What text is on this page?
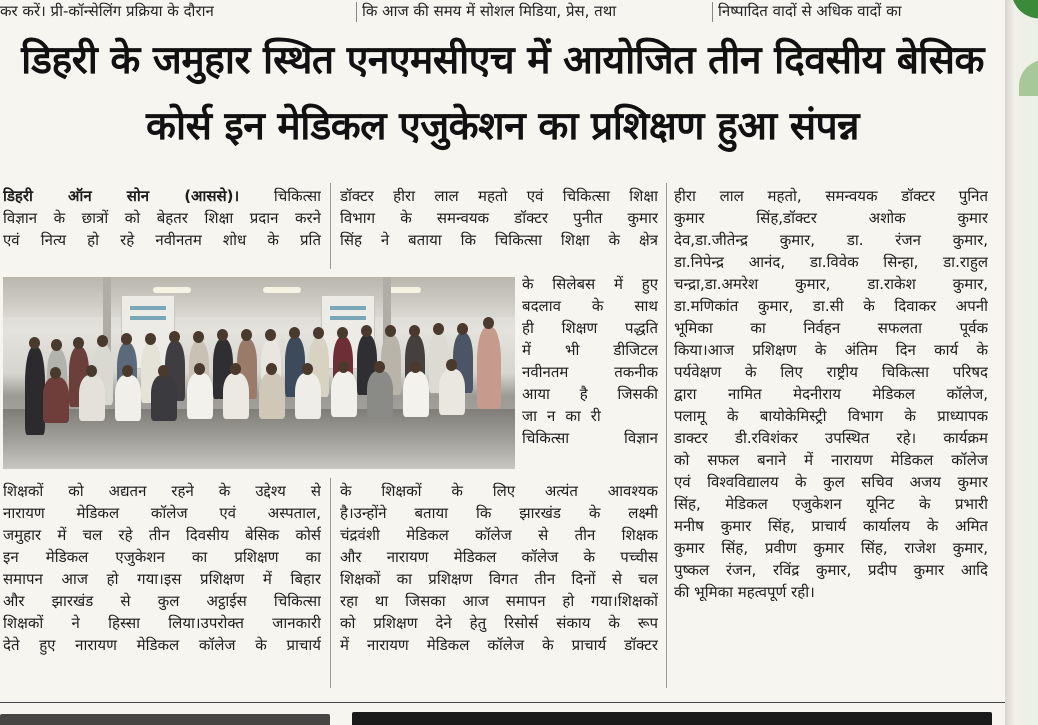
कर करें। प्री-कॉन्सेलिंग प्रक्रिया के दौरान	कि आज की समय में सोशल मिडिया, प्रेस, तथा	निष्पादित वादों से अधिक वादों का
डिहरी के जमुहार स्थित एनएमसीएच में आयोजित तीन दिवसीय बेसिक
कोर्स इन मेडिकल एजुकेशन का प्रशिक्षण हुआ संपन्न
डिहरी ऑन सोन (आससे)। चिकित्सा
विज्ञान के छात्रों को बेहतर शिक्षा प्रदान करने
एवं नित्य हो रहे नवीनतम शोध के प्रति
शिक्षकों को अद्यतन रहने के उद्देश्य से
नारायण मेडिकल कॉलेज एवं अस्पताल,
जमुहार में चल रहे तीन दिवसीय बेसिक कोर्स
इन मेडिकल एजुकेशन का प्रशिक्षण का
समापन आज हो गया।इस प्रशिक्षण में बिहार
और झारखंड से कुल अट्ठाईस चिकित्सा
शिक्षकों ने हिस्सा लिया।उपरोक्त जानकारी
देते हुए नारायण मेडिकल कॉलेज के प्राचार्य
डॉक्टर हीरा लाल महतो एवं चिकित्सा शिक्षा
विभाग के समन्वयक डॉक्टर पुनीत कुमार
सिंह ने बताया कि चिकित्सा शिक्षा के क्षेत्र
के सिलेबस में हुए
बदलाव के साथ
ही शिक्षण पद्धति
में भी डीजिटल
नवीनतम तकनीक
आया है जिसकी
जानकारी
चिकित्सा विज्ञान
के शिक्षकों के लिए अत्यंत आवश्यक
है।उन्होंने बताया कि झारखंड के लक्ष्मी
चंद्रवंशी मेडिकल कॉलेज से तीन शिक्षक
और नारायण मेडिकल कॉलेज के पच्चीस
शिक्षकों का प्रशिक्षण विगत तीन दिनों से चल
रहा था जिसका आज समापन हो गया।शिक्षकों
को प्रशिक्षण देने हेतु रिसोर्स संकाय के रूप
में नारायण मेडिकल कॉलेज के प्राचार्य डॉक्टर
हीरा लाल महतो, समन्वयक डॉक्टर पुनित
कुमार सिंह,डॉक्टर अशोक कुमार
देव,डा.जीतेन्द्र कुमार, डा. रंजन कुमार,
डा.निपेन्द्र आनंद, डा.विवेक सिन्हा, डा.राहुल
चन्द्रा,डा.अमरेश कुमार, डा.राकेश कुमार,
डा.मणिकांत कुमार, डा.सी के दिवाकर अपनी
भूमिका का निर्वहन सफलता पूर्वक
किया।आज प्रशिक्षण के अंतिम दिन कार्य के
पर्यवेक्षण के लिए राष्ट्रीय चिकित्सा परिषद
द्वारा नामित मेदनीराय मेडिकल कॉलेज,
पलामू के बायोकेमिस्ट्री विभाग के प्राध्यापक
डाक्टर डी.रविशंकर उपस्थित रहे। कार्यक्रम
को सफल बनाने में नारायण मेडिकल कॉलेज
एवं विश्वविद्यालय के कुल सचिव अजय कुमार
सिंह, मेडिकल एजुकेशन यूनिट के प्रभारी
मनीष कुमार सिंह, प्राचार्य कार्यालय के अमित
कुमार सिंह, प्रवीण कुमार सिंह, राजेश कुमार,
पुष्कल रंजन, रविंद्र कुमार, प्रदीप कुमार आदि
की भूमिका महत्वपूर्ण रही।
